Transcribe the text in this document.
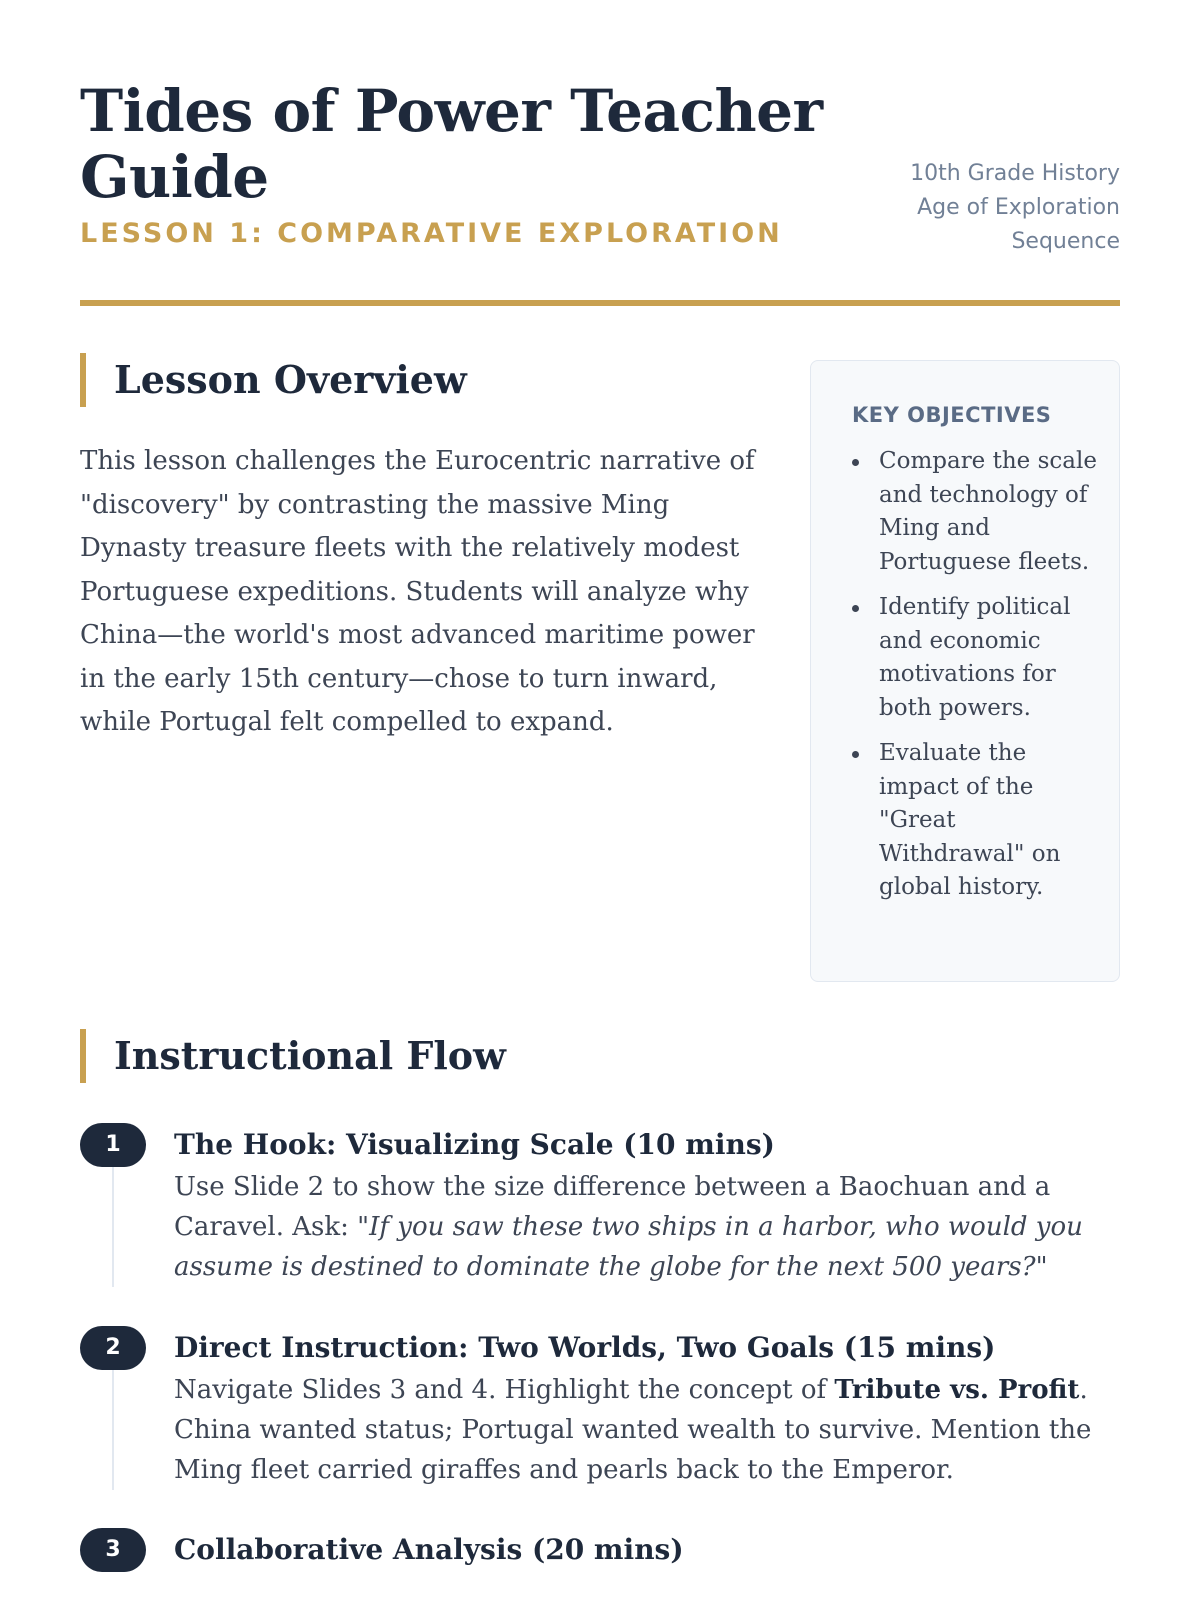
Tides of Power Teacher Guide
LESSON 1: COMPARATIVE EXPLORATION
10th Grade History
Age of Exploration
Sequence
Lesson Overview

This lesson challenges the Eurocentric narrative of "discovery" by contrasting the massive Ming Dynasty treasure fleets with the relatively modest Portuguese expeditions. Students will analyze why China—the world's most advanced maritime power in the early 15th century—chose to turn inward, while Portugal felt compelled to expand.

KEY OBJECTIVES
Compare the scale and technology of Ming and Portuguese fleets.
Identify political and economic motivations for both powers.
Evaluate the impact of the "Great Withdrawal" on global history.
Instructional Flow
1	The Hook: Visualizing Scale (10 mins)

Use Slide 2 to show the size difference between a Baochuan and a Caravel. Ask: "If you saw these two ships in a harbor, who would you assume is destined to dominate the globe for the next 500 years?"

2	Direct Instruction: Two Worlds, Two Goals (15 mins)

Navigate Slides 3 and 4. Highlight the concept of Tribute vs. Profit. China wanted status; Portugal wanted wealth to survive. Mention the Ming fleet carried giraffes and pearls back to the Emperor.

3	Collaborative Analysis (20 mins)
